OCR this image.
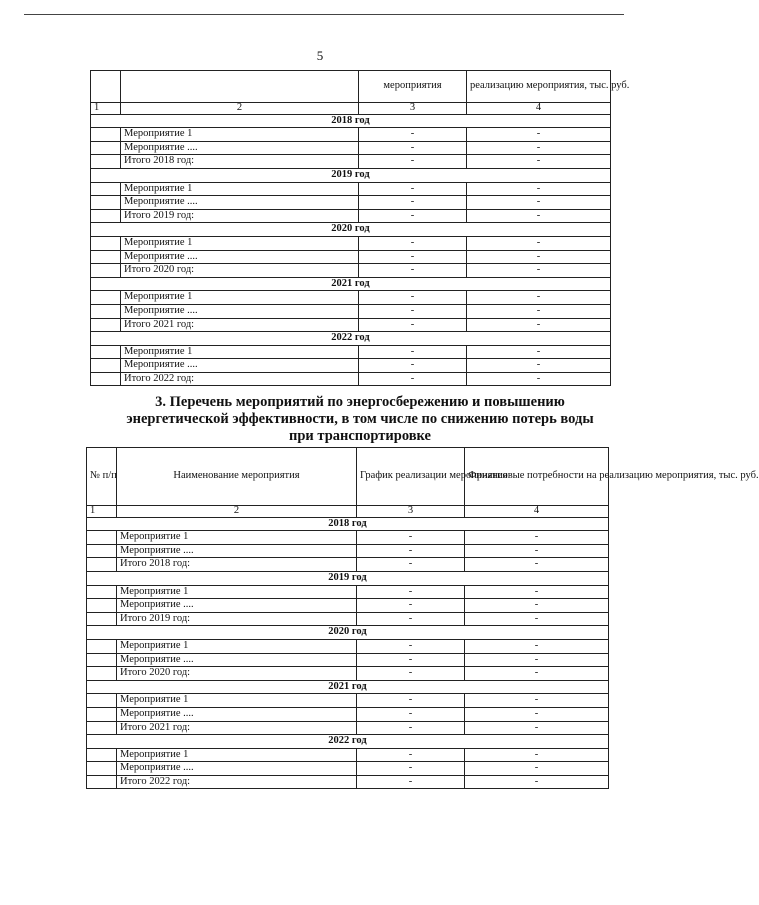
5
		мероприятия	реализацию мероприятия, тыс. руб.
1	2	3	4
2018 год			
	Мероприятие 1	-	-
	Мероприятие ....	-	-
	Итого 2018 год:	-	-
2019 год			
	Мероприятие 1	-	-
	Мероприятие ....	-	-
	Итого 2019 год:	-	-
2020 год			
	Мероприятие 1	-	-
	Мероприятие ....	-	-
	Итого 2020 год:	-	-
2021 год			
	Мероприятие 1	-	-
	Мероприятие ....	-	-
	Итого 2021 год:	-	-
2022 год			
	Мероприятие 1	-	-
	Мероприятие ....	-	-
	Итого 2022 год:	-	-
3. Перечень мероприятий по энергосбережению и повышению
энергетической эффективности, в том числе по снижению потерь воды
при транспортировке
№ п/п	Наименование мероприятия	График реализации мероприятия	Финансовые потребности на реализацию мероприятия, тыс. руб.
1	2	3	4
2018 год			
	Мероприятие 1	-	-
	Мероприятие ....	-	-
	Итого 2018 год:	-	-
2019 год			
	Мероприятие 1	-	-
	Мероприятие ....	-	-
	Итого 2019 год:	-	-
2020 год			
	Мероприятие 1	-	-
	Мероприятие ....	-	-
	Итого 2020 год:	-	-
2021 год			
	Мероприятие 1	-	-
	Мероприятие ....	-	-
	Итого 2021 год:	-	-
2022 год			
	Мероприятие 1	-	-
	Мероприятие ....	-	-
	Итого 2022 год:	-	-
